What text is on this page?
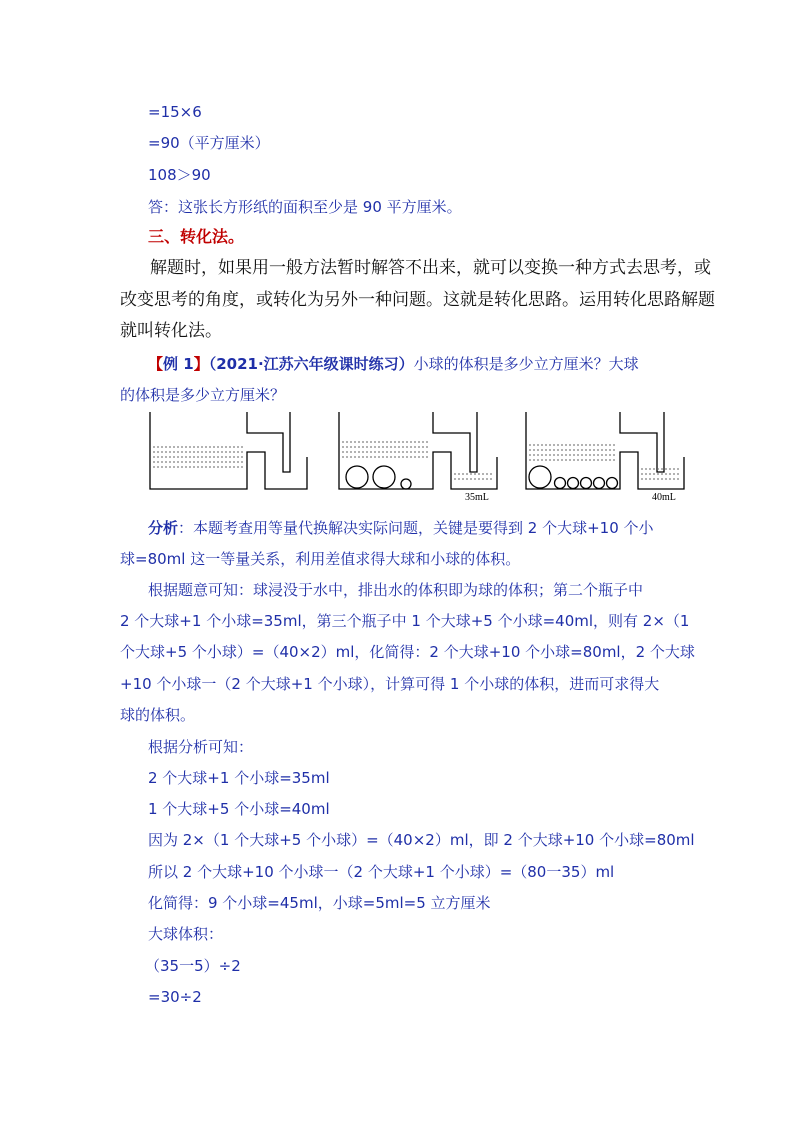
=15×6
=90（平方厘米）
108＞90
答：这张长方形纸的面积至少是 90 平方厘米。
三、转化法。
解题时，如果用一般方法暂时解答不出来，就可以变换一种方式去思考，或
改变思考的角度，或转化为另外一种问题。这就是转化思路。运用转化思路解题
就叫转化法。
【例 1】（2021·江苏六年级课时练习）小球的体积是多少立方厘米？大球
的体积是多少立方厘米？
35mL	40mL
分析：本题考查用等量代换解决实际问题，关键是要得到 2 个大球+10 个小
球=80ml 这一等量关系，利用差值求得大球和小球的体积。
根据题意可知：球浸没于水中，排出水的体积即为球的体积；第二个瓶子中
2 个大球+1 个小球=35ml，第三个瓶子中 1 个大球+5 个小球=40ml，则有 2×（1
个大球+5 个小球）=（40×2）ml，化简得：2 个大球+10 个小球=80ml，2 个大球
+10 个小球一（2 个大球+1 个小球），计算可得 1 个小球的体积，进而可求得大
球的体积。
根据分析可知：
2 个大球+1 个小球=35ml
1 个大球+5 个小球=40ml
因为 2×（1 个大球+5 个小球）=（40×2）ml，即 2 个大球+10 个小球=80ml
所以 2 个大球+10 个小球一（2 个大球+1 个小球）=（80一35）ml
化简得：9 个小球=45ml，小球=5ml=5 立方厘米
大球体积：
（35一5）÷2
=30÷2
